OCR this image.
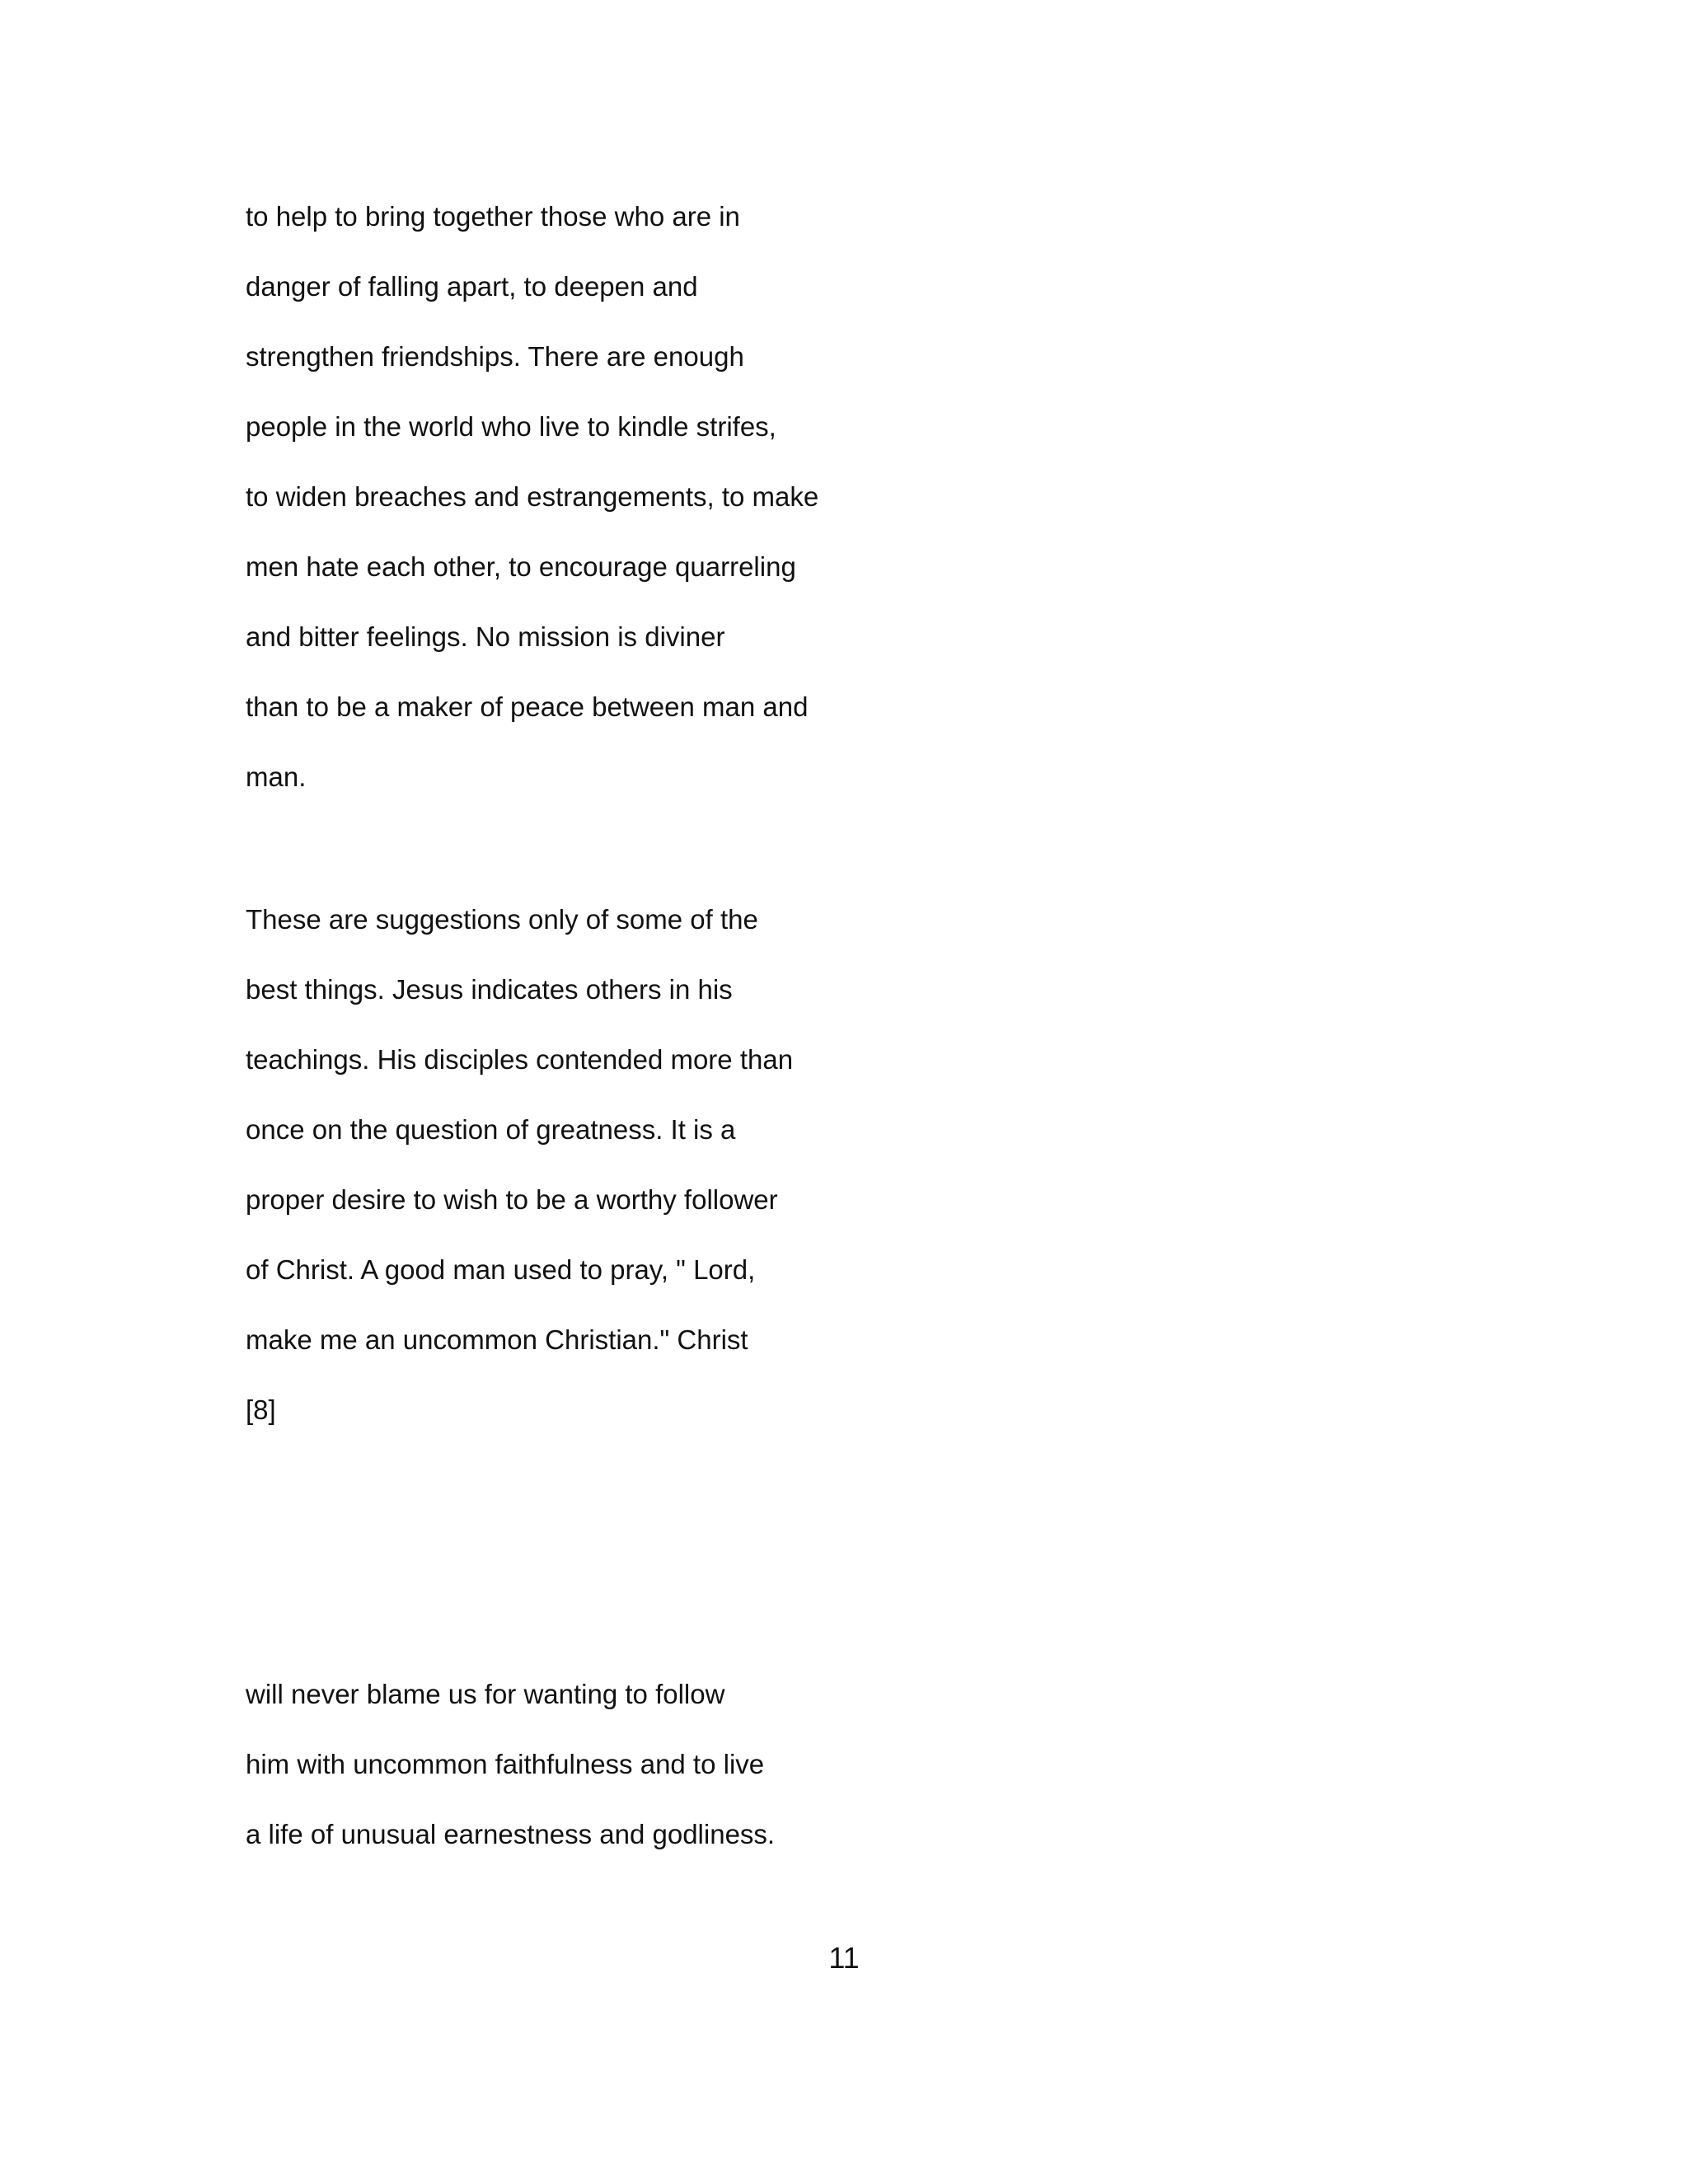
to help to bring together those who are in
danger of falling apart, to deepen and
strengthen friendships. There are enough
people in the world who live to kindle strifes,
to widen breaches and estrangements, to make
men hate each other, to encourage quarreling
and bitter feelings. No mission is diviner
than to be a maker of peace between man and
man.
These are suggestions only of some of the
best things. Jesus indicates others in his
teachings. His disciples contended more than
once on the question of greatness. It is a
proper desire to wish to be a worthy follower
of Christ. A good man used to pray, " Lord,
make me an uncommon Christian." Christ
[8]
will never blame us for wanting to follow
him with uncommon faithfulness and to live
a life of unusual earnestness and godliness.
11
